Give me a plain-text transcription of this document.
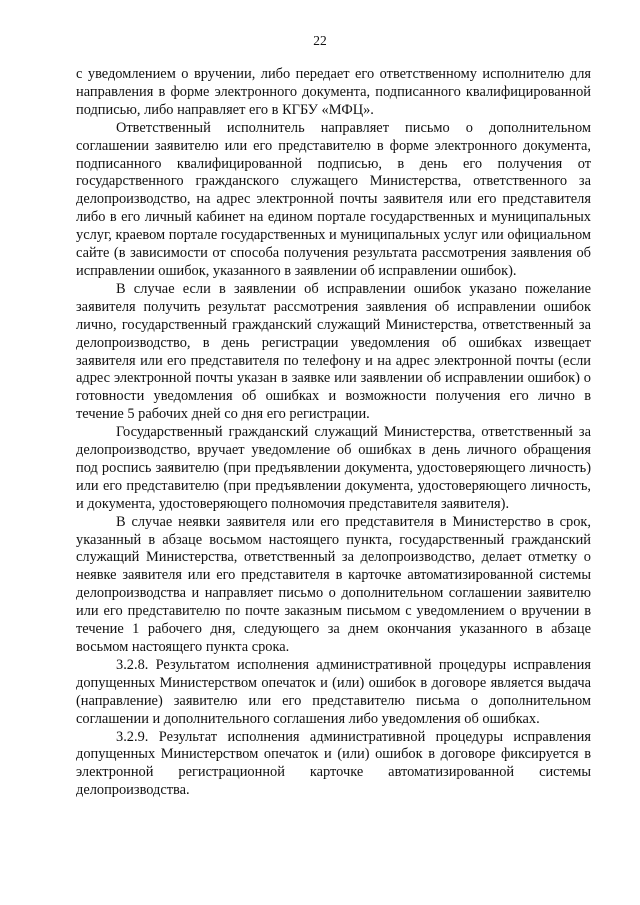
22

с уведомлением о вручении, либо передает его ответственному исполнителю для направления в форме электронного документа, подписанного квалифицированной подписью, либо направляет его в КГБУ «МФЦ».

Ответственный исполнитель направляет письмо о дополнительном соглашении заявителю или его представителю в форме электронного документа, подписанного квалифицированной подписью, в день его получения от государственного гражданского служащего Министерства, ответственного за делопроизводство, на адрес электронной почты заявителя или его представителя либо в его личный кабинет на едином портале государственных и муниципальных услуг, краевом портале государственных и муниципальных услуг или официальном сайте (в зависимости от способа получения результата рассмотрения заявления об исправлении ошибок, указанного в заявлении об исправлении ошибок).

В случае если в заявлении об исправлении ошибок указано пожелание заявителя получить результат рассмотрения заявления об исправлении ошибок лично, государственный гражданский служащий Министерства, ответственный за делопроизводство, в день регистрации уведомления об ошибках извещает заявителя или его представителя по телефону и на адрес электронной почты (если адрес электронной почты указан в заявке или заявлении об исправлении ошибок) о готовности уведомления об ошибках и возможности получения его лично в течение 5 рабочих дней со дня его регистрации.

Государственный гражданский служащий Министерства, ответственный за делопроизводство, вручает уведомление об ошибках в день личного обращения под роспись заявителю (при предъявлении документа, удостоверяющего личность) или его представителю (при предъявлении документа, удостоверяющего личность, и документа, удостоверяющего полномочия представителя заявителя).

В случае неявки заявителя или его представителя в Министерство в срок, указанный в абзаце восьмом настоящего пункта, государственный гражданский служащий Министерства, ответственный за делопроизводство, делает отметку о неявке заявителя или его представителя в карточке автоматизированной системы делопроизводства и направляет письмо о дополнительном соглашении заявителю или его представителю по почте заказным письмом с уведомлением о вручении в течение 1 рабочего дня, следующего за днем окончания указанного в абзаце восьмом настоящего пункта срока.

3.2.8. Результатом исполнения административной процедуры исправления допущенных Министерством опечаток и (или) ошибок в договоре является выдача (направление) заявителю или его представителю письма о дополнительном соглашении и дополнительного соглашения либо уведомления об ошибках.

3.2.9. Результат исполнения административной процедуры исправления допущенных Министерством опечаток и (или) ошибок в договоре фиксируется в электронной регистрационной карточке автоматизированной системы делопроизводства.
